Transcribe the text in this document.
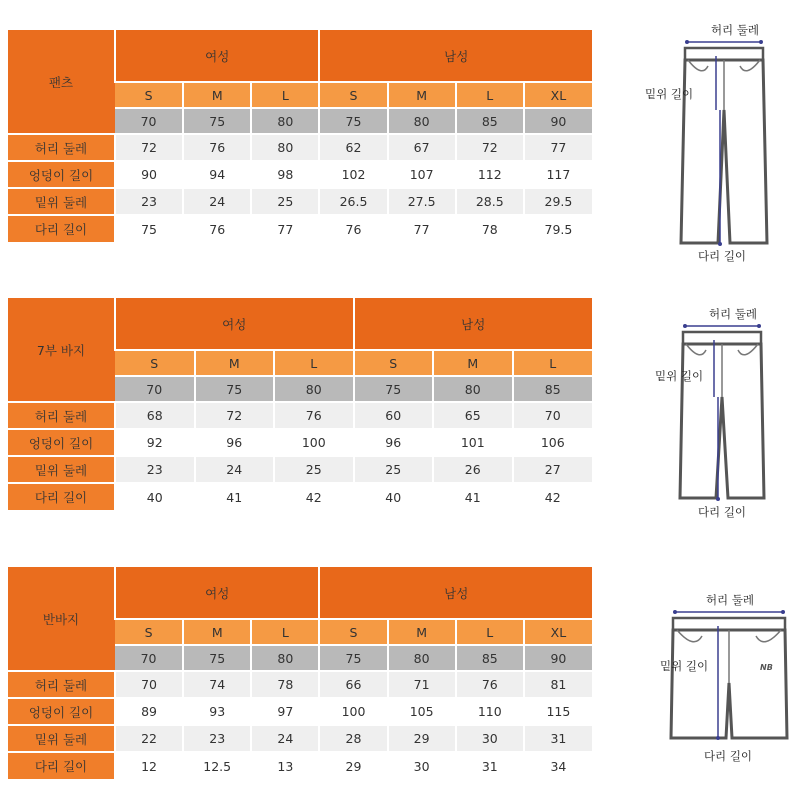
팬츠	여성			남성			
	S	M	L	S	M	L	XL
	70	75	80	75	80	85	90
허리 둘레	72	76	80	62	67	72	77
엉덩이 길이	90	94	98	102	107	112	117
밑위 둘레	23	24	25	26.5	27.5	28.5	29.5
다리 길이	75	76	77	76	77	78	79.5
7부 바지	여성			남성		
	S	M	L	S	M	L
	70	75	80	75	80	85
허리 둘레	68	72	76	60	65	70
엉덩이 길이	92	96	100	96	101	106
밑위 둘레	23	24	25	25	26	27
다리 길이	40	41	42	40	41	42
반바지	여성			남성			
	S	M	L	S	M	L	XL
	70	75	80	75	80	85	90
허리 둘레	70	74	78	66	71	76	81
엉덩이 길이	89	93	97	100	105	110	115
밑위 둘레	22	23	24	28	29	30	31
다리 길이	12	12.5	13	29	30	31	34
허리 둘레
밑위 길이
다리 길이
허리 둘레
밑위 길이
다리 길이
허리 둘레
NB
밑위 길이
다리 길이
